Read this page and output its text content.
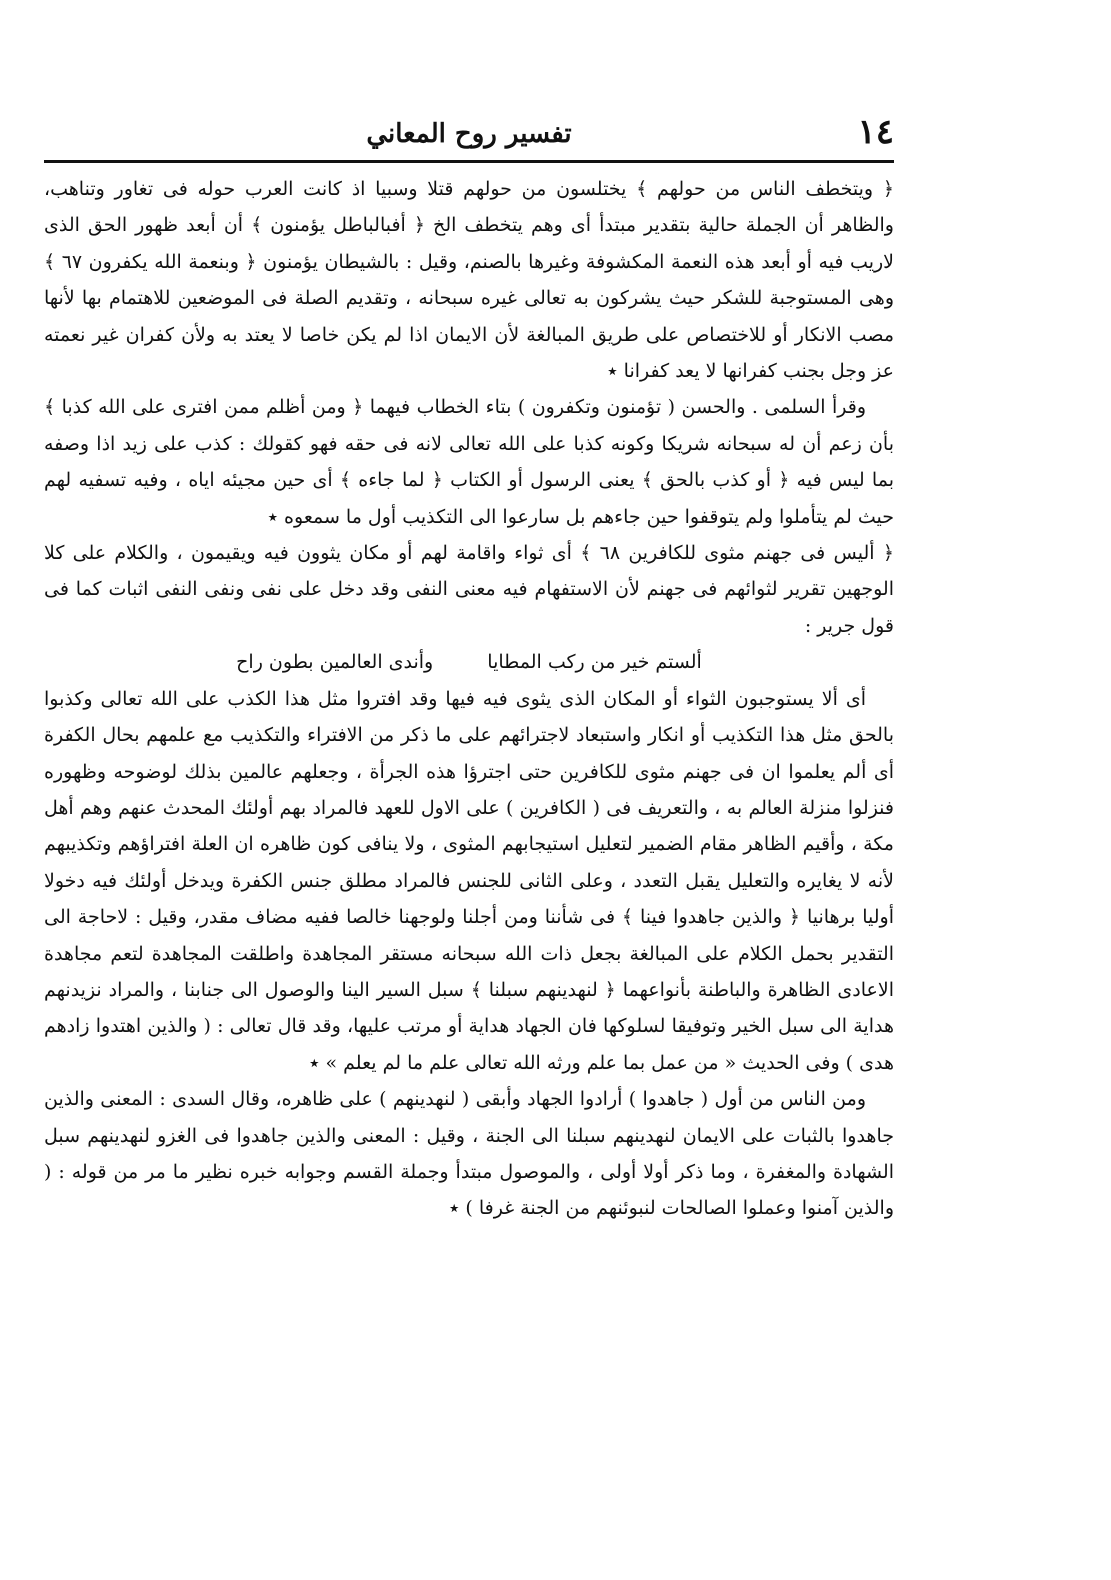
١٤
تفسير روح المعاني

﴿ ويتخطف الناس من حولهم ﴾ يختلسون من حولهم قتلا وسبيا اذ كانت العرب حوله فى تغاور وتناهب، والظاهر أن الجملة حالية بتقدير مبتدأ أى وهم يتخطف الخ ﴿ أفبالباطل يؤمنون ﴾ أن أبعد ظهور الحق الذى لاريب فيه أو أبعد هذه النعمة المكشوفة وغيرها بالصنم، وقيل : بالشيطان يؤمنون ﴿ وبنعمة الله يكفرون ٦٧ ﴾ وهى المستوجبة للشكر حيث يشركون به تعالى غيره سبحانه ، وتقديم الصلة فى الموضعين للاهتمام بها لأنها مصب الانكار أو للاختصاص على طريق المبالغة لأن الايمان اذا لم يكن خاصا لا يعتد به ولأن كفران غير نعمته عز وجل بجنب كفرانها لا يعد كفرانا ٭

وقرأ السلمى . والحسن ( تؤمنون وتكفرون ) بتاء الخطاب فيهما ﴿ ومن أظلم ممن افترى على الله كذبا ﴾ بأن زعم أن له سبحانه شريكا وكونه كذبا على الله تعالى لانه فى حقه فهو كقولك : كذب على زيد اذا وصفه بما ليس فيه ﴿ أو كذب بالحق ﴾ يعنى الرسول أو الكتاب ﴿ لما جاءه ﴾ أى حين مجيئه اياه ، وفيه تسفيه لهم حيث لم يتأملوا ولم يتوقفوا حين جاءهم بل سارعوا الى التكذيب أول ما سمعوه ٭

﴿ أليس فى جهنم مثوى للكافرين ٦٨ ﴾ أى ثواء واقامة لهم أو مكان يثوون فيه ويقيمون ، والكلام على كلا الوجهين تقرير لثوائهم فى جهنم لأن الاستفهام فيه معنى النفى وقد دخل على نفى ونفى النفى اثبات كما فى قول جرير :

ألستم خير من ركب المطايا وأندى العالمين بطون راح

أى ألا يستوجبون الثواء أو المكان الذى يثوى فيه فيها وقد افتروا مثل هذا الكذب على الله تعالى وكذبوا بالحق مثل هذا التكذيب أو انكار واستبعاد لاجترائهم على ما ذكر من الافتراء والتكذيب مع علمهم بحال الكفرة أى ألم يعلموا ان فى جهنم مثوى للكافرين حتى اجترؤا هذه الجرأة ، وجعلهم عالمين بذلك لوضوحه وظهوره فنزلوا منزلة العالم به ، والتعريف فى ( الكافرين ) على الاول للعهد فالمراد بهم أولئك المحدث عنهم وهم أهل مكة ، وأقيم الظاهر مقام الضمير لتعليل استيجابهم المثوى ، ولا ينافى كون ظاهره ان العلة افتراؤهم وتكذيبهم لأنه لا يغايره والتعليل يقبل التعدد ، وعلى الثانى للجنس فالمراد مطلق جنس الكفرة ويدخل أولئك فيه دخولا أوليا برهانيا ﴿ والذين جاهدوا فينا ﴾ فى شأننا ومن أجلنا ولوجهنا خالصا ففيه مضاف مقدر، وقيل : لاحاجة الى التقدير بحمل الكلام على المبالغة بجعل ذات الله سبحانه مستقر المجاهدة واطلقت المجاهدة لتعم مجاهدة الاعادى الظاهرة والباطنة بأنواعهما ﴿ لنهدينهم سبلنا ﴾ سبل السير الينا والوصول الى جنابنا ، والمراد نزيدنهم هداية الى سبل الخير وتوفيقا لسلوكها فان الجهاد هداية أو مرتب عليها، وقد قال تعالى : ( والذين اهتدوا زادهم هدى ) وفى الحديث « من عمل بما علم ورثه الله تعالى علم ما لم يعلم » ٭

ومن الناس من أول ( جاهدوا ) أرادوا الجهاد وأبقى ( لنهدينهم ) على ظاهره، وقال السدى : المعنى والذين جاهدوا بالثبات على الايمان لنهدينهم سبلنا الى الجنة ، وقيل : المعنى والذين جاهدوا فى الغزو لنهدينهم سبل الشهادة والمغفرة ، وما ذكر أولا أولى ، والموصول مبتدأ وجملة القسم وجوابه خبره نظير ما مر من قوله : ( والذين آمنوا وعملوا الصالحات لنبوئنهم من الجنة غرفا ) ٭
